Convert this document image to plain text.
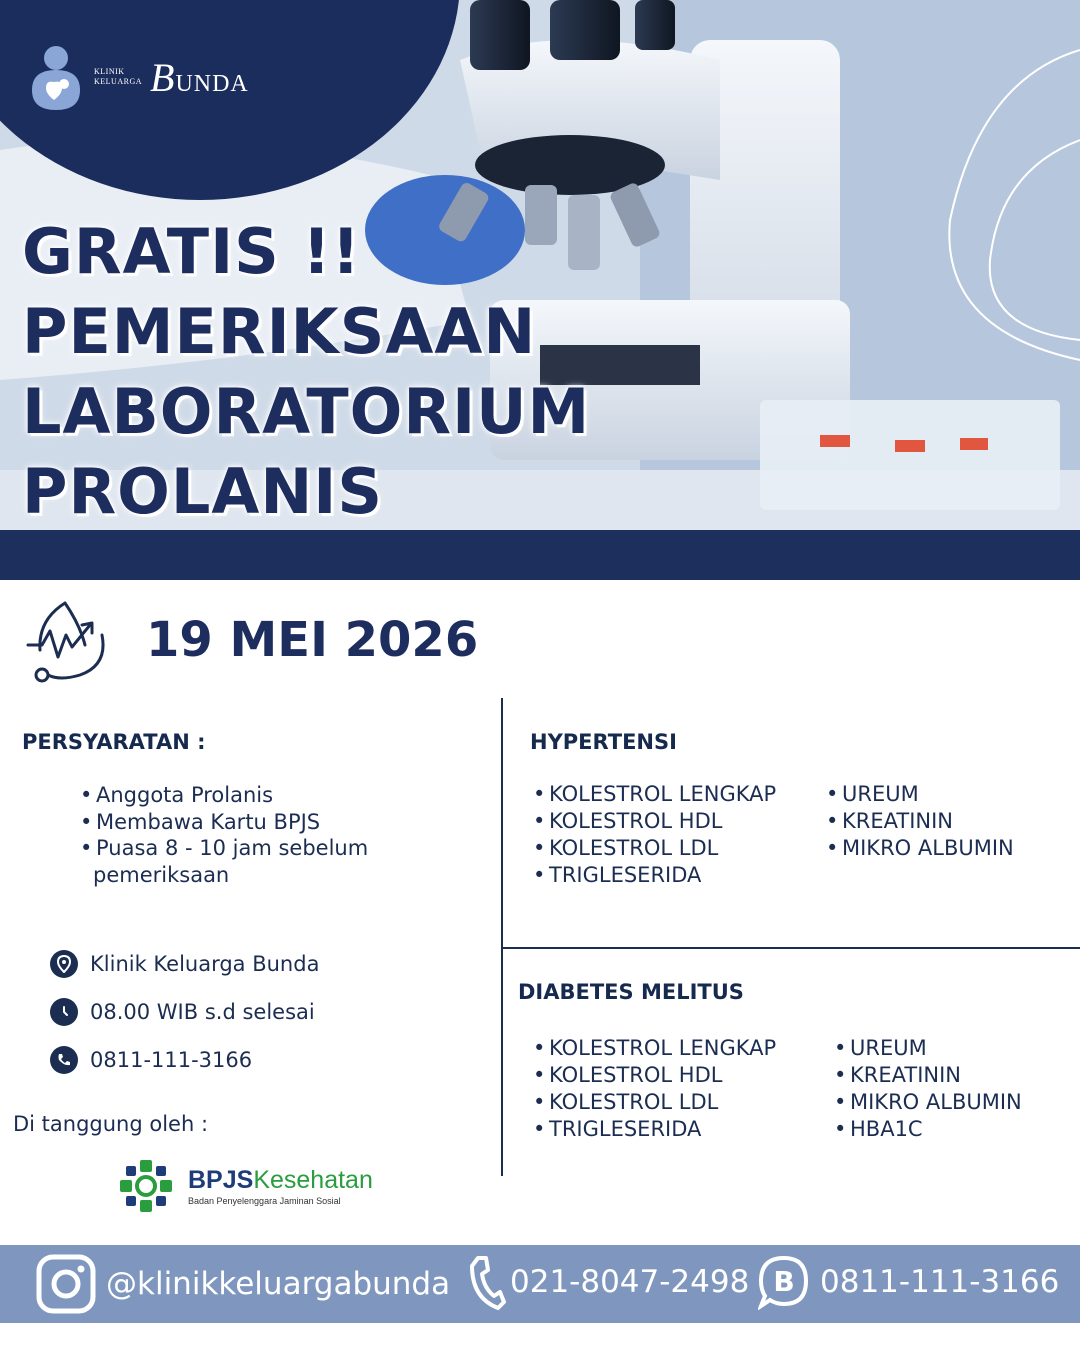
KLINIK
KELUARGA BUNDA
GRATIS !!
PEMERIKSAAN
LABORATORIUM
PROLANIS
19 MEI 2026
PERSYARATAN :
• Anggota Prolanis
• Membawa Kartu BPJS
• Puasa 8 - 10 jam sebelum
pemeriksaan
Klinik Keluarga Bunda
08.00 WIB s.d selesai
0811-111-3166
Di tanggung oleh :
BPJSKesehatan
Badan Penyelenggara Jaminan Sosial
HYPERTENSI
• KOLESTROL LENGKAP
• KOLESTROL HDL
• KOLESTROL LDL
• TRIGLESERIDA
• UREUM
• KREATININ
• MIKRO ALBUMIN
DIABETES MELITUS
• KOLESTROL LENGKAP
• KOLESTROL HDL
• KOLESTROL LDL
• TRIGLESERIDA
• UREUM
• KREATININ
• MIKRO ALBUMIN
• HBA1C
@klinikkeluargabunda 021-8047-2498 B 0811-111-3166
